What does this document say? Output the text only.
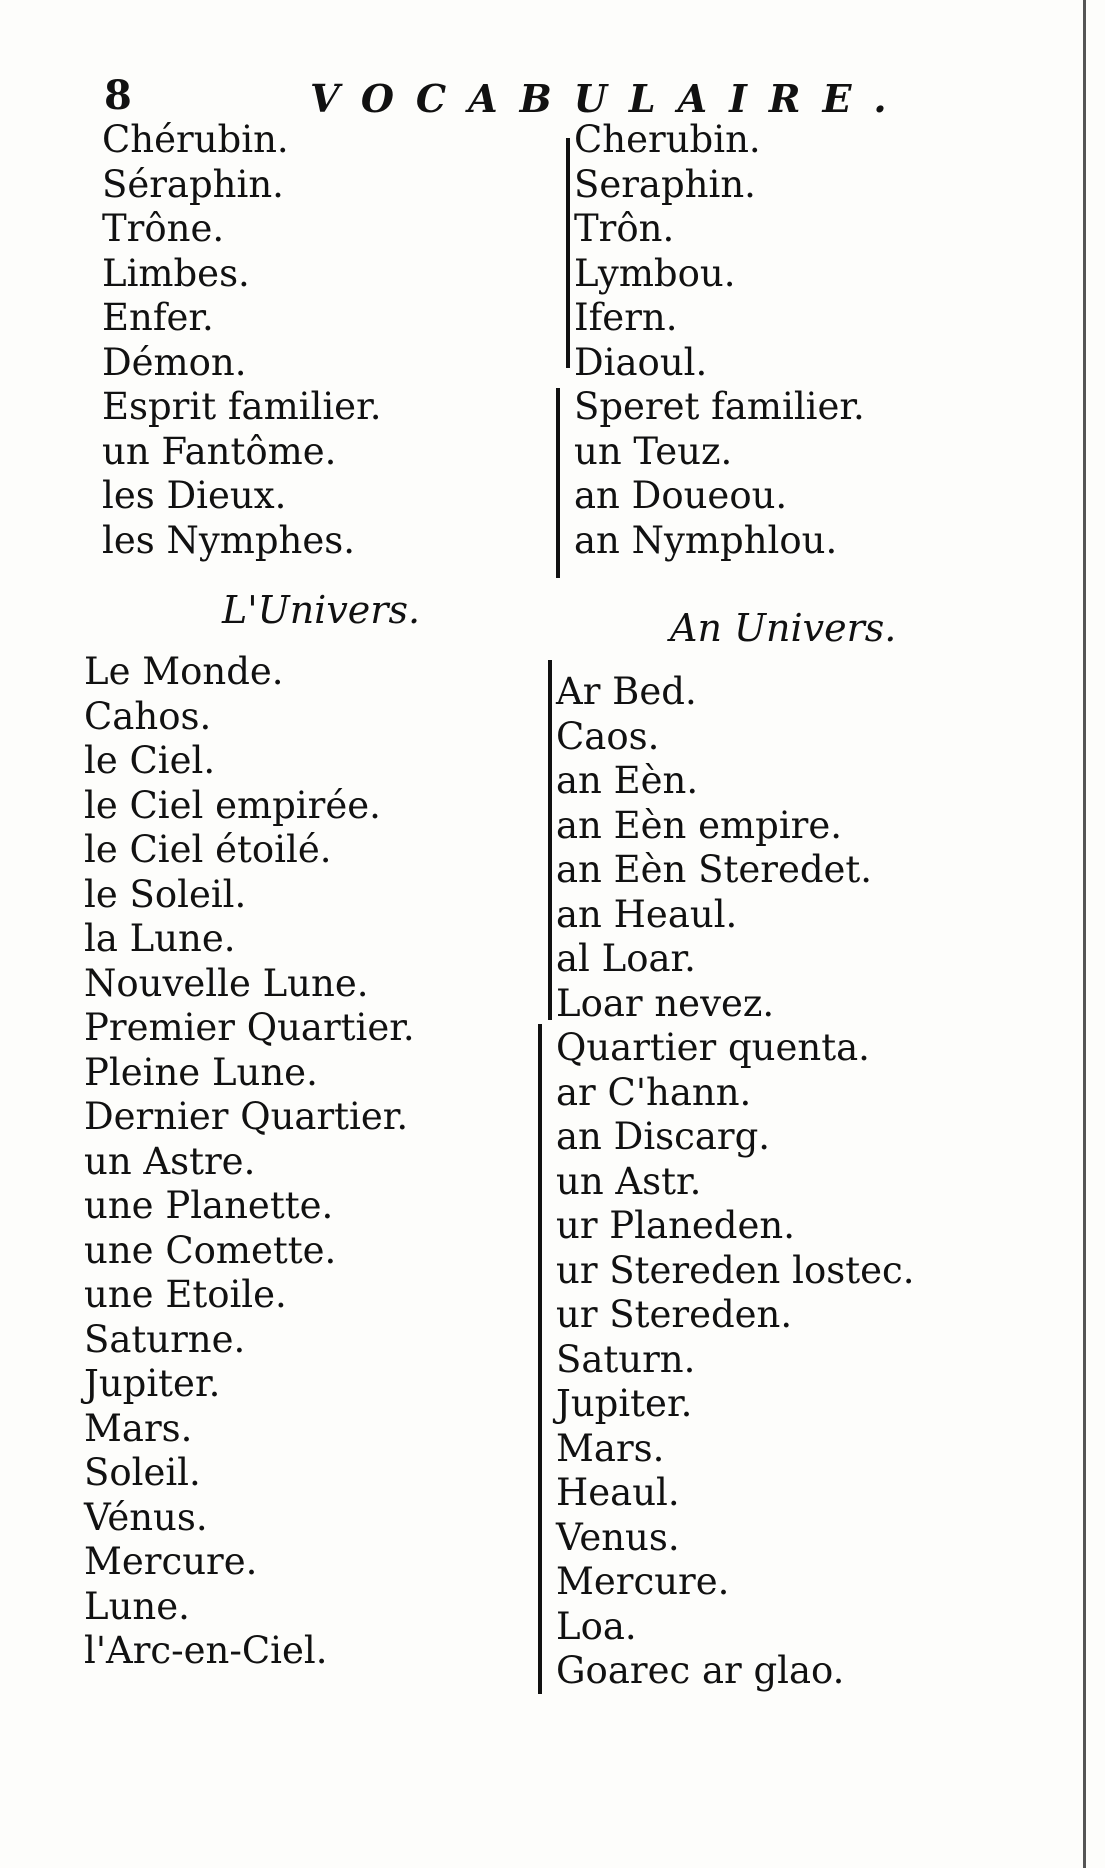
8	VOCABULAIRE.
Chérubin.
Séraphin.
Trône.
Limbes.
Enfer.
Démon.
Esprit familier.
un Fantôme.
les Dieux.
les Nymphes.
Cherubin.
Seraphin.
Trôn.
Lymbou.
Ifern.
Diaoul.
Speret familier.
un Teuz.
an Doueou.
an Nymphlou.
L'Univers.	An Univers.
Le Monde.
Cahos.
le Ciel.
le Ciel empirée.
le Ciel étoilé.
le Soleil.
la Lune.
Nouvelle Lune.
Premier Quartier.
Pleine Lune.
Dernier Quartier.
un Astre.
une Planette.
une Comette.
une Etoile.
Saturne.
Jupiter.
Mars.
Soleil.
Vénus.
Mercure.
Lune.
l'Arc-en-Ciel.
Ar Bed.
Caos.
an Eèn.
an Eèn empire.
an Eèn Steredet.
an Heaul.
al Loar.
Loar nevez.
Quartier quenta.
ar C'hann.
an Discarg.
un Astr.
ur Planeden.
ur Stereden lostec.
ur Stereden.
Saturn.
Jupiter.
Mars.
Heaul.
Venus.
Mercure.
Loa.
Goarec ar glao.
